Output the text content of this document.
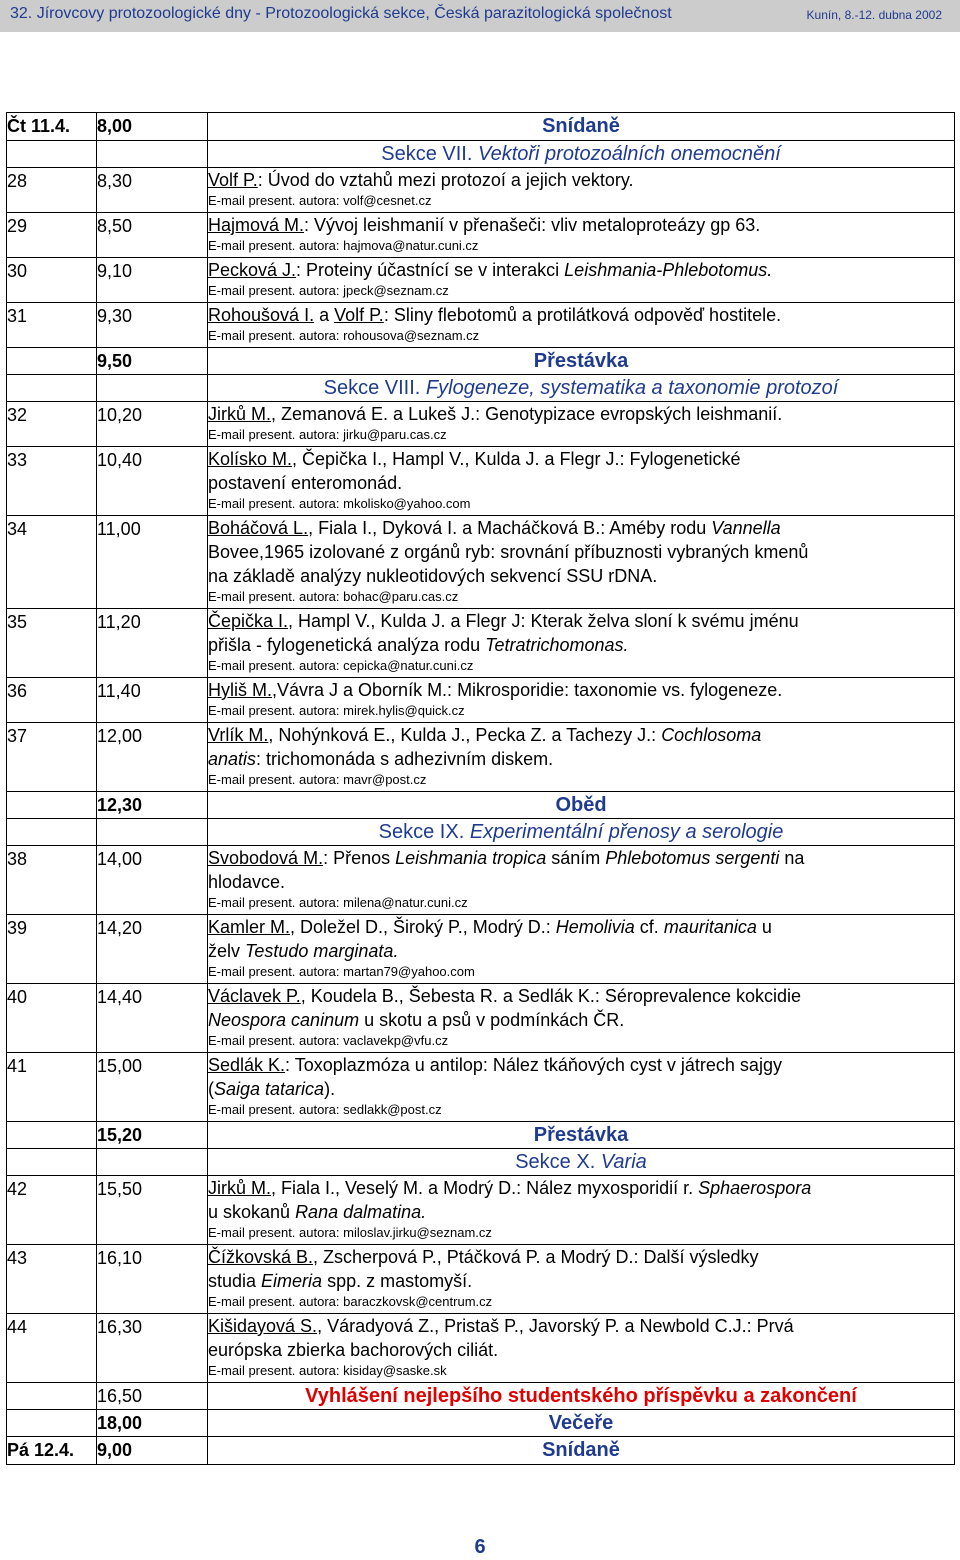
32. Jírovcovy protozoologické dny - Protozoologická sekce, Česká parazitologická společnost	Kunín, 8.-12. dubna 2002
Čt 11.4.	8,00	Snídaně
		Sekce VII. Vektoři protozoálních onemocnění
28	8,30	Volf P.: Úvod do vztahů mezi protozoí a jejich vektory.
E-mail present. autora: volf@cesnet.cz

29	8,50	Hajmová M.: Vývoj leishmanií v přenašeči: vliv metaloproteázy gp 63.
E-mail present. autora: hajmova@natur.cuni.cz

30	9,10	Pecková J.: Proteiny účastnící se v interakci Leishmania-Phlebotomus.
E-mail present. autora: jpeck@seznam.cz

31	9,30	Rohoušová I. a Volf P.: Sliny flebotomů a protilátková odpověď hostitele.
E-mail present. autora: rohousova@seznam.cz

	9,50	Přestávka
		Sekce VIII. Fylogeneze, systematika a taxonomie protozoí
32	10,20	Jirků M., Zemanová E. a Lukeš J.: Genotypizace evropských leishmanií.
E-mail present. autora: jirku@paru.cas.cz

33	10,40	Kolísko M., Čepička I., Hampl V., Kulda J. a Flegr J.: Fylogenetické
postavení enteromonád.
E-mail present. autora: mkolisko@yahoo.com

34	11,00	Boháčová L., Fiala I., Dyková I. a Macháčková B.: Améby rodu Vannella
Bovee,1965 izolované z orgánů ryb: srovnání příbuznosti vybraných kmenů
na základě analýzy nukleotidových sekvencí SSU rDNA.
E-mail present. autora: bohac@paru.cas.cz

35	11,20	Čepička I., Hampl V., Kulda J. a Flegr J: Kterak želva sloní k svému jménu
přišla - fylogenetická analýza rodu Tetratrichomonas.
E-mail present. autora: cepicka@natur.cuni.cz

36	11,40	Hyliš M.,Vávra J a Oborník M.: Mikrosporidie: taxonomie vs. fylogeneze.
E-mail present. autora: mirek.hylis@quick.cz

37	12,00	Vrlík M., Nohýnková E., Kulda J., Pecka Z. a Tachezy J.: Cochlosoma
anatis: trichomonáda s adhezivním diskem.
E-mail present. autora: mavr@post.cz

	12,30	Oběd
		Sekce IX. Experimentální přenosy a serologie
38	14,00	Svobodová M.: Přenos Leishmania tropica sáním Phlebotomus sergenti na
hlodavce.
E-mail present. autora: milena@natur.cuni.cz

39	14,20	Kamler M., Doležel D., Široký P., Modrý D.: Hemolivia cf. mauritanica u
želv Testudo marginata.
E-mail present. autora: martan79@yahoo.com

40	14,40	Václavek P., Koudela B., Šebesta R. a Sedlák K.: Séroprevalence kokcidie
Neospora caninum u skotu a psů v podmínkách ČR.
E-mail present. autora: vaclavekp@vfu.cz

41	15,00	Sedlák K.: Toxoplazmóza u antilop: Nález tkáňových cyst v játrech sajgy
(Saiga tatarica).
E-mail present. autora: sedlakk@post.cz

	15,20	Přestávka
		Sekce X. Varia
42	15,50	Jirků M., Fiala I., Veselý M. a Modrý D.: Nález myxosporidií r. Sphaerospora
u skokanů Rana dalmatina.
E-mail present. autora: miloslav.jirku@seznam.cz

43	16,10	Čížkovská B., Zscherpová P., Ptáčková P. a Modrý D.: Další výsledky
studia Eimeria spp. z mastomyší.
E-mail present. autora: baraczkovsk@centrum.cz

44	16,30	Kišidayová S., Váradyová Z., Pristaš P., Javorský P. a Newbold C.J.: Prvá
európska zbierka bachorových ciliát.
E-mail present. autora: kisiday@saske.sk

	16,50	Vyhlášení nejlepšího studentského příspěvku a zakončení
	18,00	Večeře
Pá 12.4.	9,00	Snídaně
6
